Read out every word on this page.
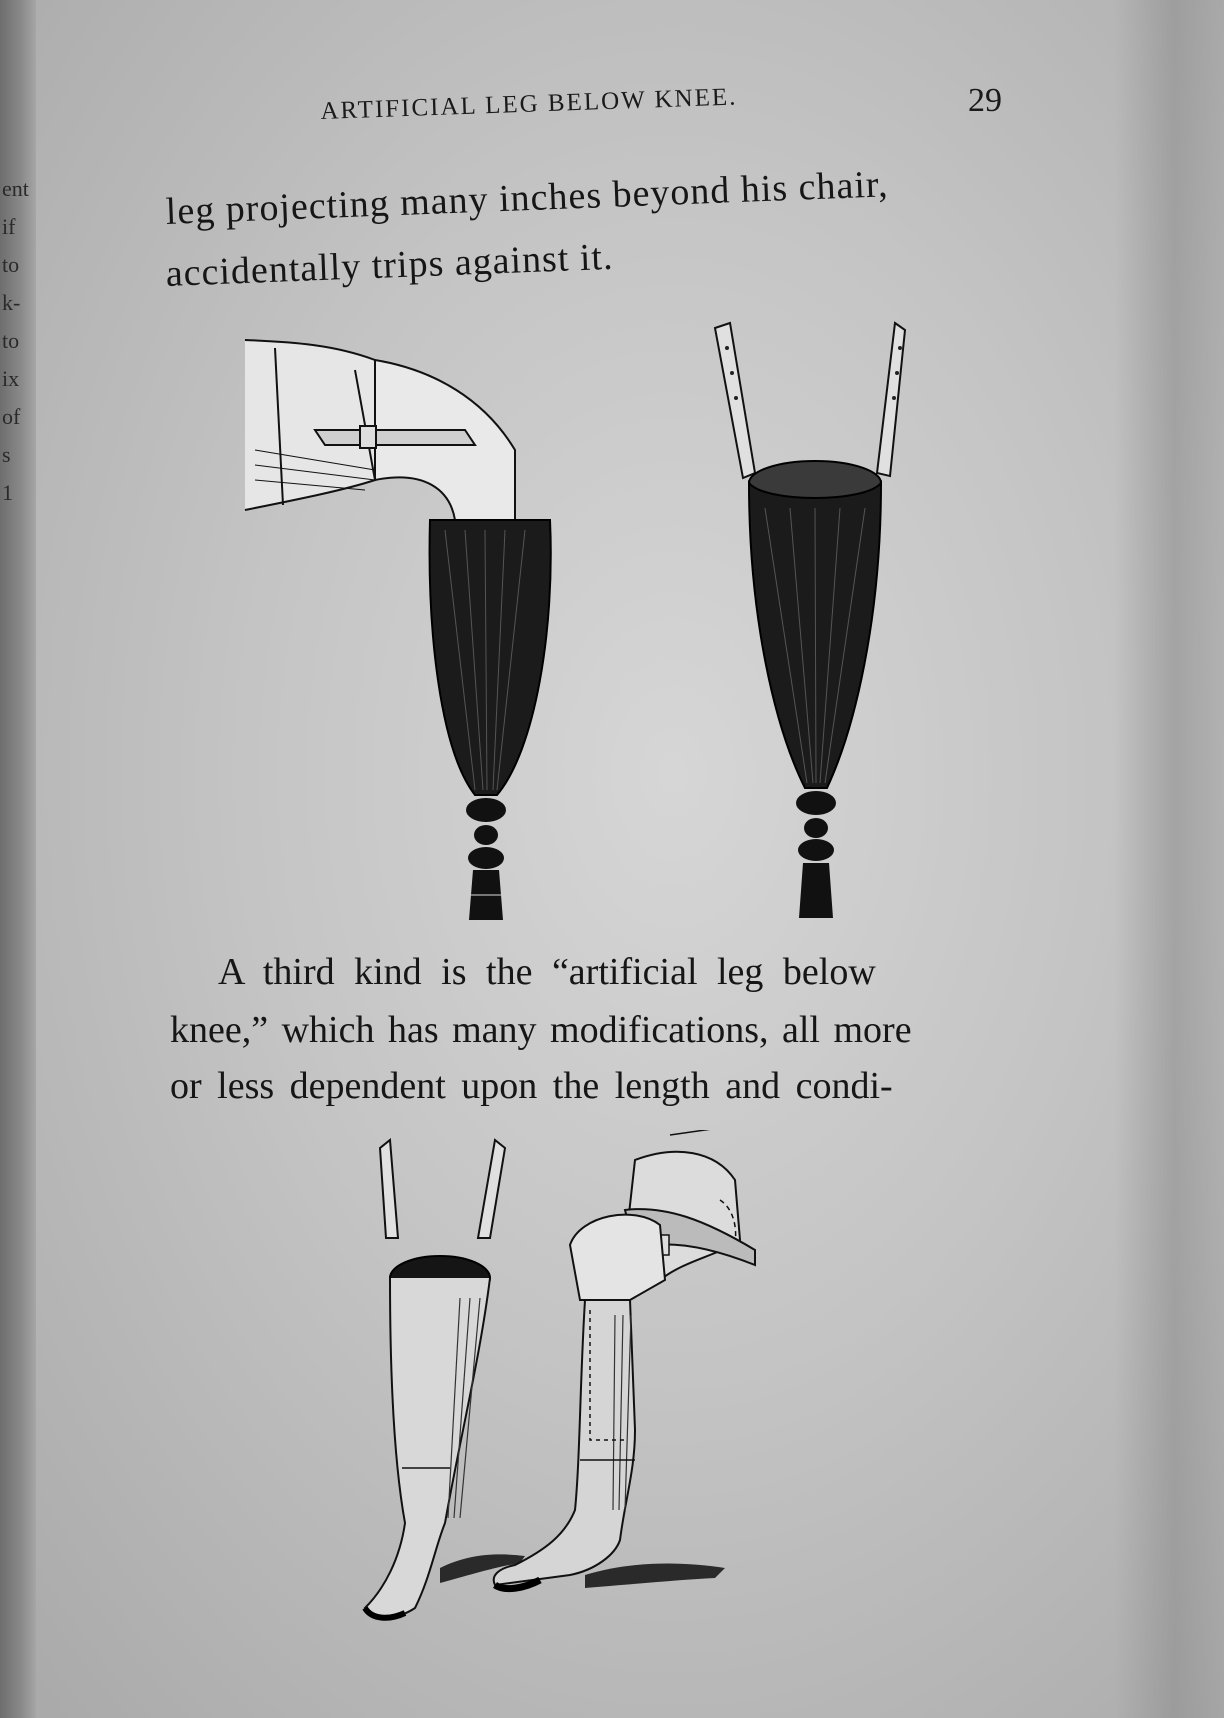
ent
if
to
k-
to
ix
of
s
1
ARTIFICIAL LEG BELOW KNEE.	29

leg projecting many inches beyond his chair,

accidentally trips against it.

A third kind is the “artificial leg below

knee,” which has many modifications, all more

or less dependent upon the length and condi-
